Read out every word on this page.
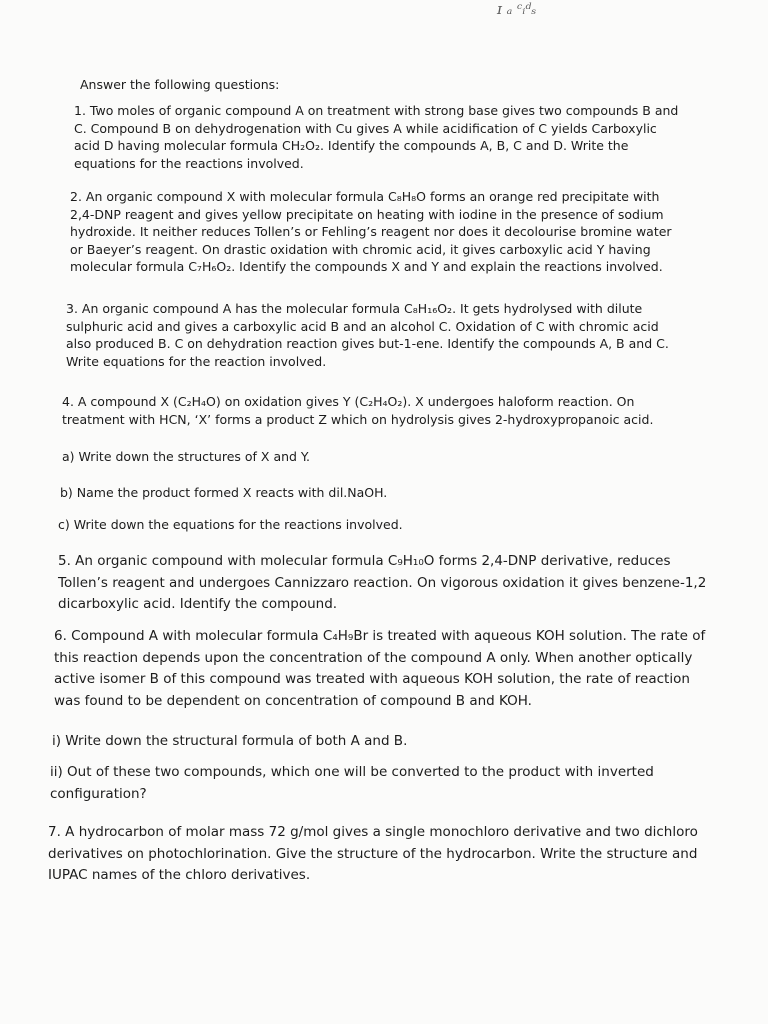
ɪ ₐ ᶜᵢᵈₛ
Answer the following questions:
1. Two moles of organic compound A on treatment with strong base gives two compounds B and C. Compound B on dehydrogenation with Cu gives A while acidification of C yields Carboxylic acid D having molecular formula CH₂O₂. Identify the compounds A, B, C and D. Write the equations for the reactions involved.
2. An organic compound X with molecular formula C₈H₈O forms an orange red precipitate with 2,4-DNP reagent and gives yellow precipitate on heating with iodine in the presence of sodium hydroxide. It neither reduces Tollen’s or Fehling’s reagent nor does it decolourise bromine water or Baeyer’s reagent. On drastic oxidation with chromic acid, it gives carboxylic acid Y having molecular formula C₇H₆O₂. Identify the compounds X and Y and explain the reactions involved.
3. An organic compound A has the molecular formula C₈H₁₆O₂. It gets hydrolysed with dilute sulphuric acid and gives a carboxylic acid B and an alcohol C. Oxidation of C with chromic acid also produced B. C on dehydration reaction gives but-1-ene. Identify the compounds A, B and C. Write equations for the reaction involved.
4. A compound X (C₂H₄O) on oxidation gives Y (C₂H₄O₂). X undergoes haloform reaction. On treatment with HCN, ‘X’ forms a product Z which on hydrolysis gives 2-hydroxypropanoic acid.
a) Write down the structures of X and Y.
b) Name the product formed X reacts with dil.NaOH.
c) Write down the equations for the reactions involved.
5. An organic compound with molecular formula C₉H₁₀O forms 2,4-DNP derivative, reduces Tollen’s reagent and undergoes Cannizzaro reaction. On vigorous oxidation it gives benzene-1,2 dicarboxylic acid. Identify the compound.
6. Compound A with molecular formula C₄H₉Br is treated with aqueous KOH solution. The rate of this reaction depends upon the concentration of the compound A only. When another optically active isomer B of this compound was treated with aqueous KOH solution, the rate of reaction was found to be dependent on concentration of compound B and KOH.
i) Write down the structural formula of both A and B.
ii) Out of these two compounds, which one will be converted to the product with inverted configuration?
7. A hydrocarbon of molar mass 72 g/mol gives a single monochloro derivative and two dichloro derivatives on photochlorination. Give the structure of the hydrocarbon. Write the structure and IUPAC names of the chloro derivatives.
